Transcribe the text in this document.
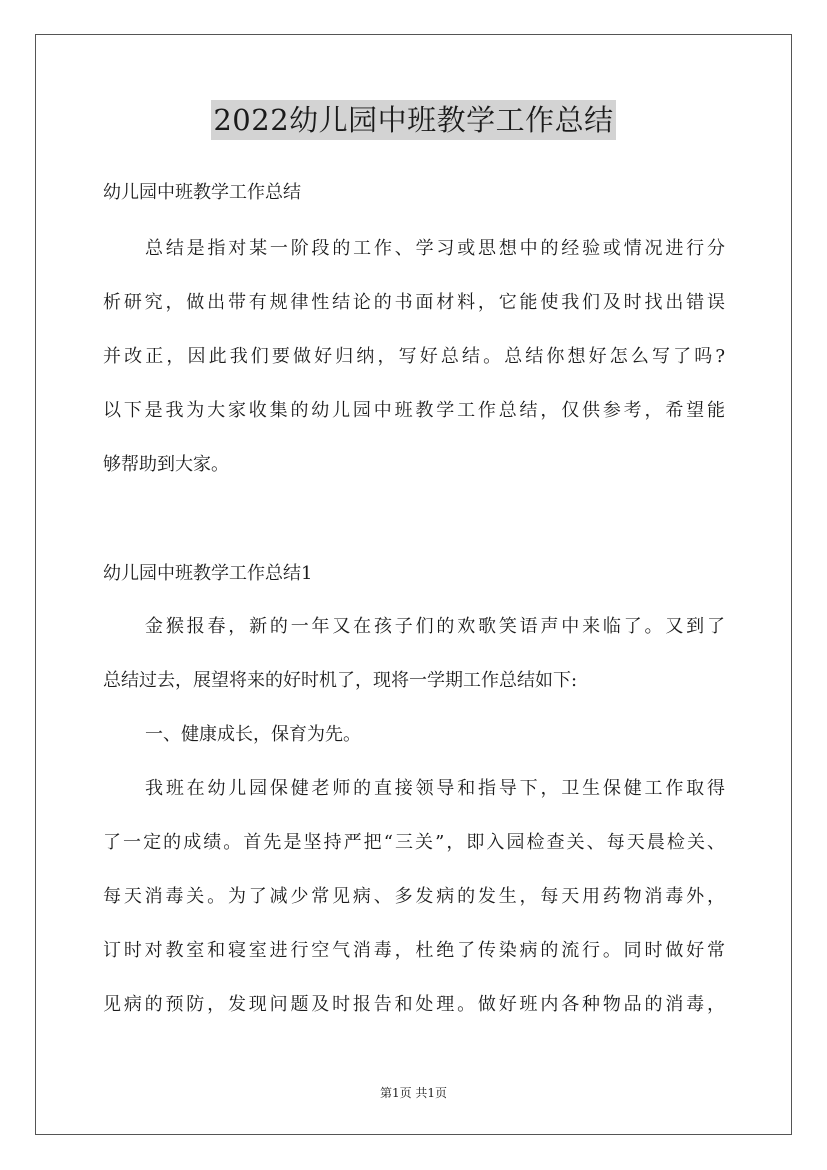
2022幼儿园中班教学工作总结
幼儿园中班教学工作总结
总结是指对某一阶段的工作、学习或思想中的经验或情况进行分
析研究，做出带有规律性结论的书面材料，它能使我们及时找出错误
并改正，因此我们要做好归纳，写好总结。总结你想好怎么写了吗?
以下是我为大家收集的幼儿园中班教学工作总结，仅供参考，希望能
够帮助到大家。
幼儿园中班教学工作总结1
金猴报春，新的一年又在孩子们的欢歌笑语声中来临了。又到了
总结过去，展望将来的好时机了，现将一学期工作总结如下:
一、健康成长，保育为先。
我班在幼儿园保健老师的直接领导和指导下，卫生保健工作取得
了一定的成绩。首先是坚持严把“三关”，即入园检查关、每天晨检关、
每天消毒关。为了减少常见病、多发病的发生，每天用药物消毒外，
订时对教室和寝室进行空气消毒，杜绝了传染病的流行。同时做好常
见病的预防，发现问题及时报告和处理。做好班内各种物品的消毒，
第1页 共1页
